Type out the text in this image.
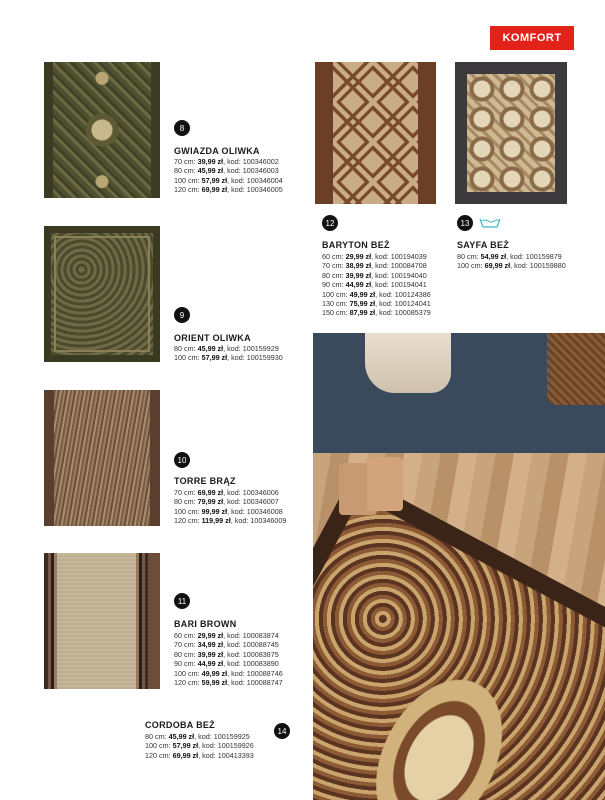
KOMFORT
8
GWIAZDA OLIWKA
70 cm: 39,99 zł, kod: 100346002
80 cm: 45,99 zł, kod: 100346003
100 cm: 57,99 zł, kod: 100346004
120 cm: 69,99 zł, kod: 100346005
9
ORIENT OLIWKA
80 cm: 45,99 zł, kod: 100159929
100 cm: 57,99 zł, kod: 100159930
10
TORRE BRĄZ
70 cm: 69,99 zł, kod: 100346006
80 cm: 79,99 zł, kod: 100346007
100 cm: 99,99 zł, kod: 100346008
120 cm: 119,99 zł, kod: 100346009
11
BARI BROWN
60 cm: 29,99 zł, kod: 100083874
70 cm: 34,99 zł, kod: 100088745
80 cm: 39,99 zł, kod: 100083875
90 cm: 44,99 zł, kod: 100083890
100 cm: 49,99 zł, kod: 100088746
120 cm: 59,99 zł, kod: 100088747
12
BARYTON BEŻ
60 cm: 29,99 zł, kod: 100194039
70 cm: 38,99 zł, kod: 100084708
80 cm: 39,99 zł, kod: 100194040
90 cm: 44,99 zł, kod: 100194041
100 cm: 49,99 zł, kod: 100124386
130 cm: 75,99 zł, kod: 100124041
150 cm: 87,99 zł, kod: 100085379
13
SAYFA BEŻ
80 cm: 54,99 zł, kod: 100159879
100 cm: 69,99 zł, kod: 100159880
14
CORDOBA BEŻ
80 cm: 45,99 zł, kod: 100159925
100 cm: 57,99 zł, kod: 100159926
120 cm: 69,99 zł, kod: 100413393
